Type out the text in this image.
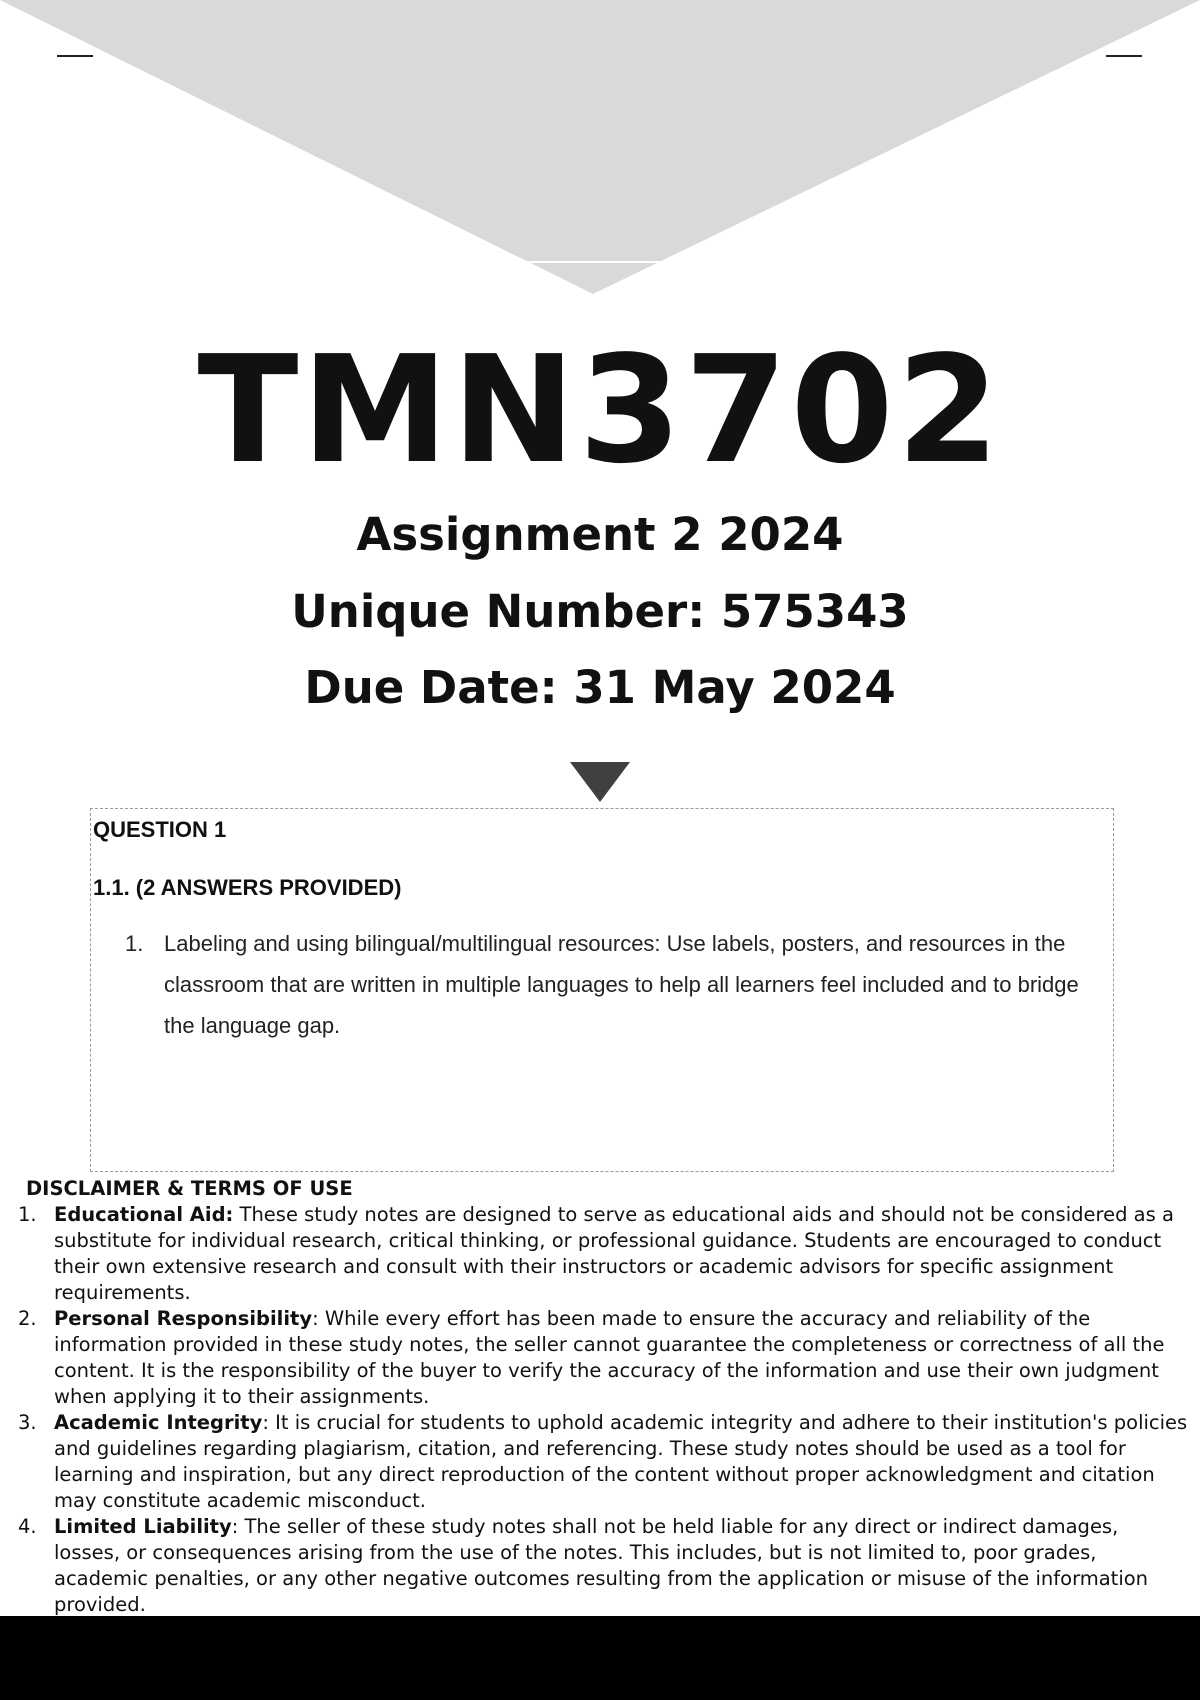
TMN3702
Assignment 2 2024
Unique Number: 575343
Due Date: 31 May 2024
QUESTION 1
1.1. (2 ANSWERS PROVIDED)
1. Labeling and using bilingual/multilingual resources: Use labels, posters, and resources in the classroom that are written in multiple languages to help all learners feel included and to bridge the language gap.
DISCLAIMER & TERMS OF USE
1. Educational Aid: These study notes are designed to serve as educational aids and should not be considered as a substitute for individual research, critical thinking, or professional guidance. Students are encouraged to conduct their own extensive research and consult with their instructors or academic advisors for specific assignment requirements.
2. Personal Responsibility: While every effort has been made to ensure the accuracy and reliability of the information provided in these study notes, the seller cannot guarantee the completeness or correctness of all the content. It is the responsibility of the buyer to verify the accuracy of the information and use their own judgment when applying it to their assignments.
3. Academic Integrity: It is crucial for students to uphold academic integrity and adhere to their institution's policies and guidelines regarding plagiarism, citation, and referencing. These study notes should be used as a tool for learning and inspiration, but any direct reproduction of the content without proper acknowledgment and citation may constitute academic misconduct.
4. Limited Liability: The seller of these study notes shall not be held liable for any direct or indirect damages, losses, or consequences arising from the use of the notes. This includes, but is not limited to, poor grades, academic penalties, or any other negative outcomes resulting from the application or misuse of the information provided.
